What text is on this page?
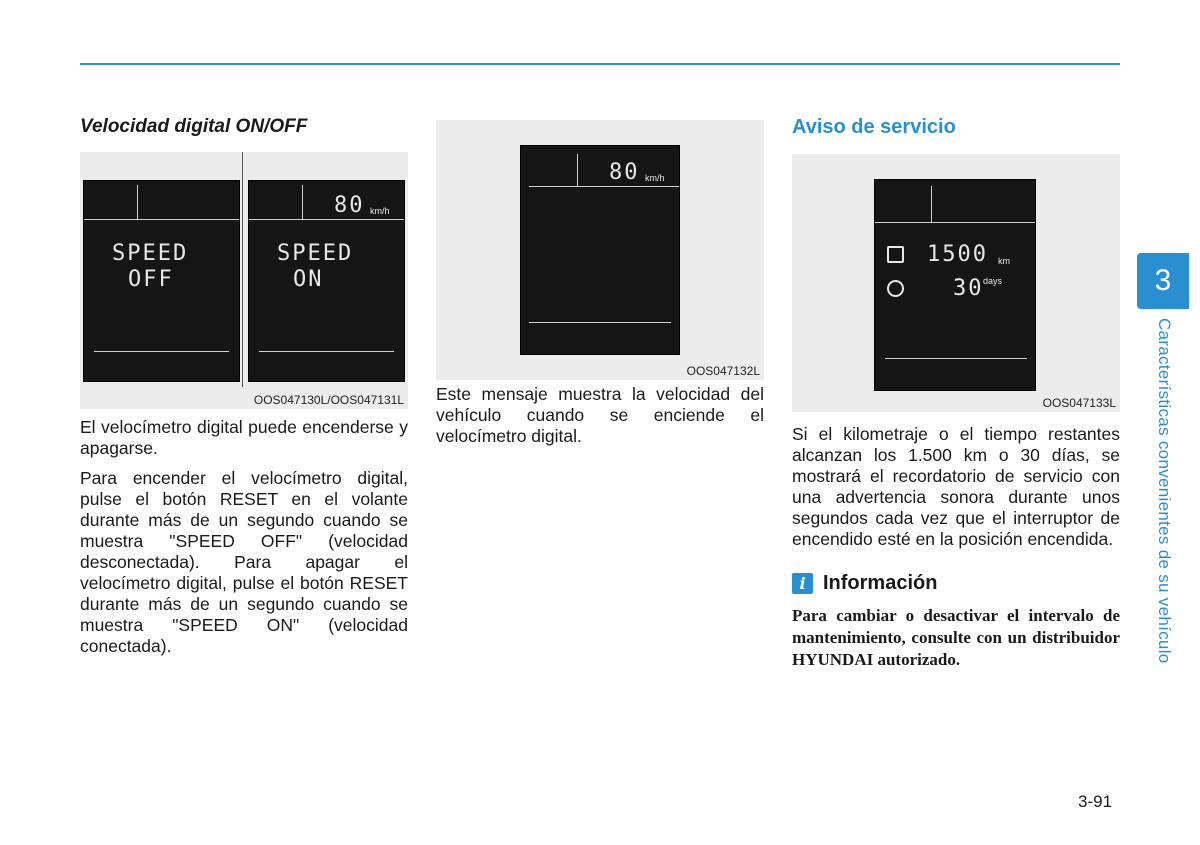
Velocidad digital ON/OFF
SPEED
OFF
80 km/h
SPEED
ON
OOS047130L/OOS047131L

El velocímetro digital puede encenderse y apagarse.

Para encender el velocímetro digital, pulse el botón RESET en el volante durante más de un segundo cuando se muestra "SPEED OFF" (velocidad desconectada). Para apagar el velocímetro digital, pulse el botón RESET durante más de un segundo cuando se muestra "SPEED ON" (velocidad conectada).

80 km/h
OOS047132L

Este mensaje muestra la velocidad del vehículo cuando se enciende el velocímetro digital.

Aviso de servicio
1500 km
30 days
OOS047133L

Si el kilometraje o el tiempo restantes alcanzan los 1.500 km o 30 días, se mostrará el recordatorio de servicio con una advertencia sonora durante unos segundos cada vez que el interruptor de encendido esté en la posición encendida.

i Información
Para cambiar o desactivar el intervalo de mantenimiento, consulte con un distribuidor HYUNDAI autorizado.
3
Características convenientes de su vehículo
3-91
